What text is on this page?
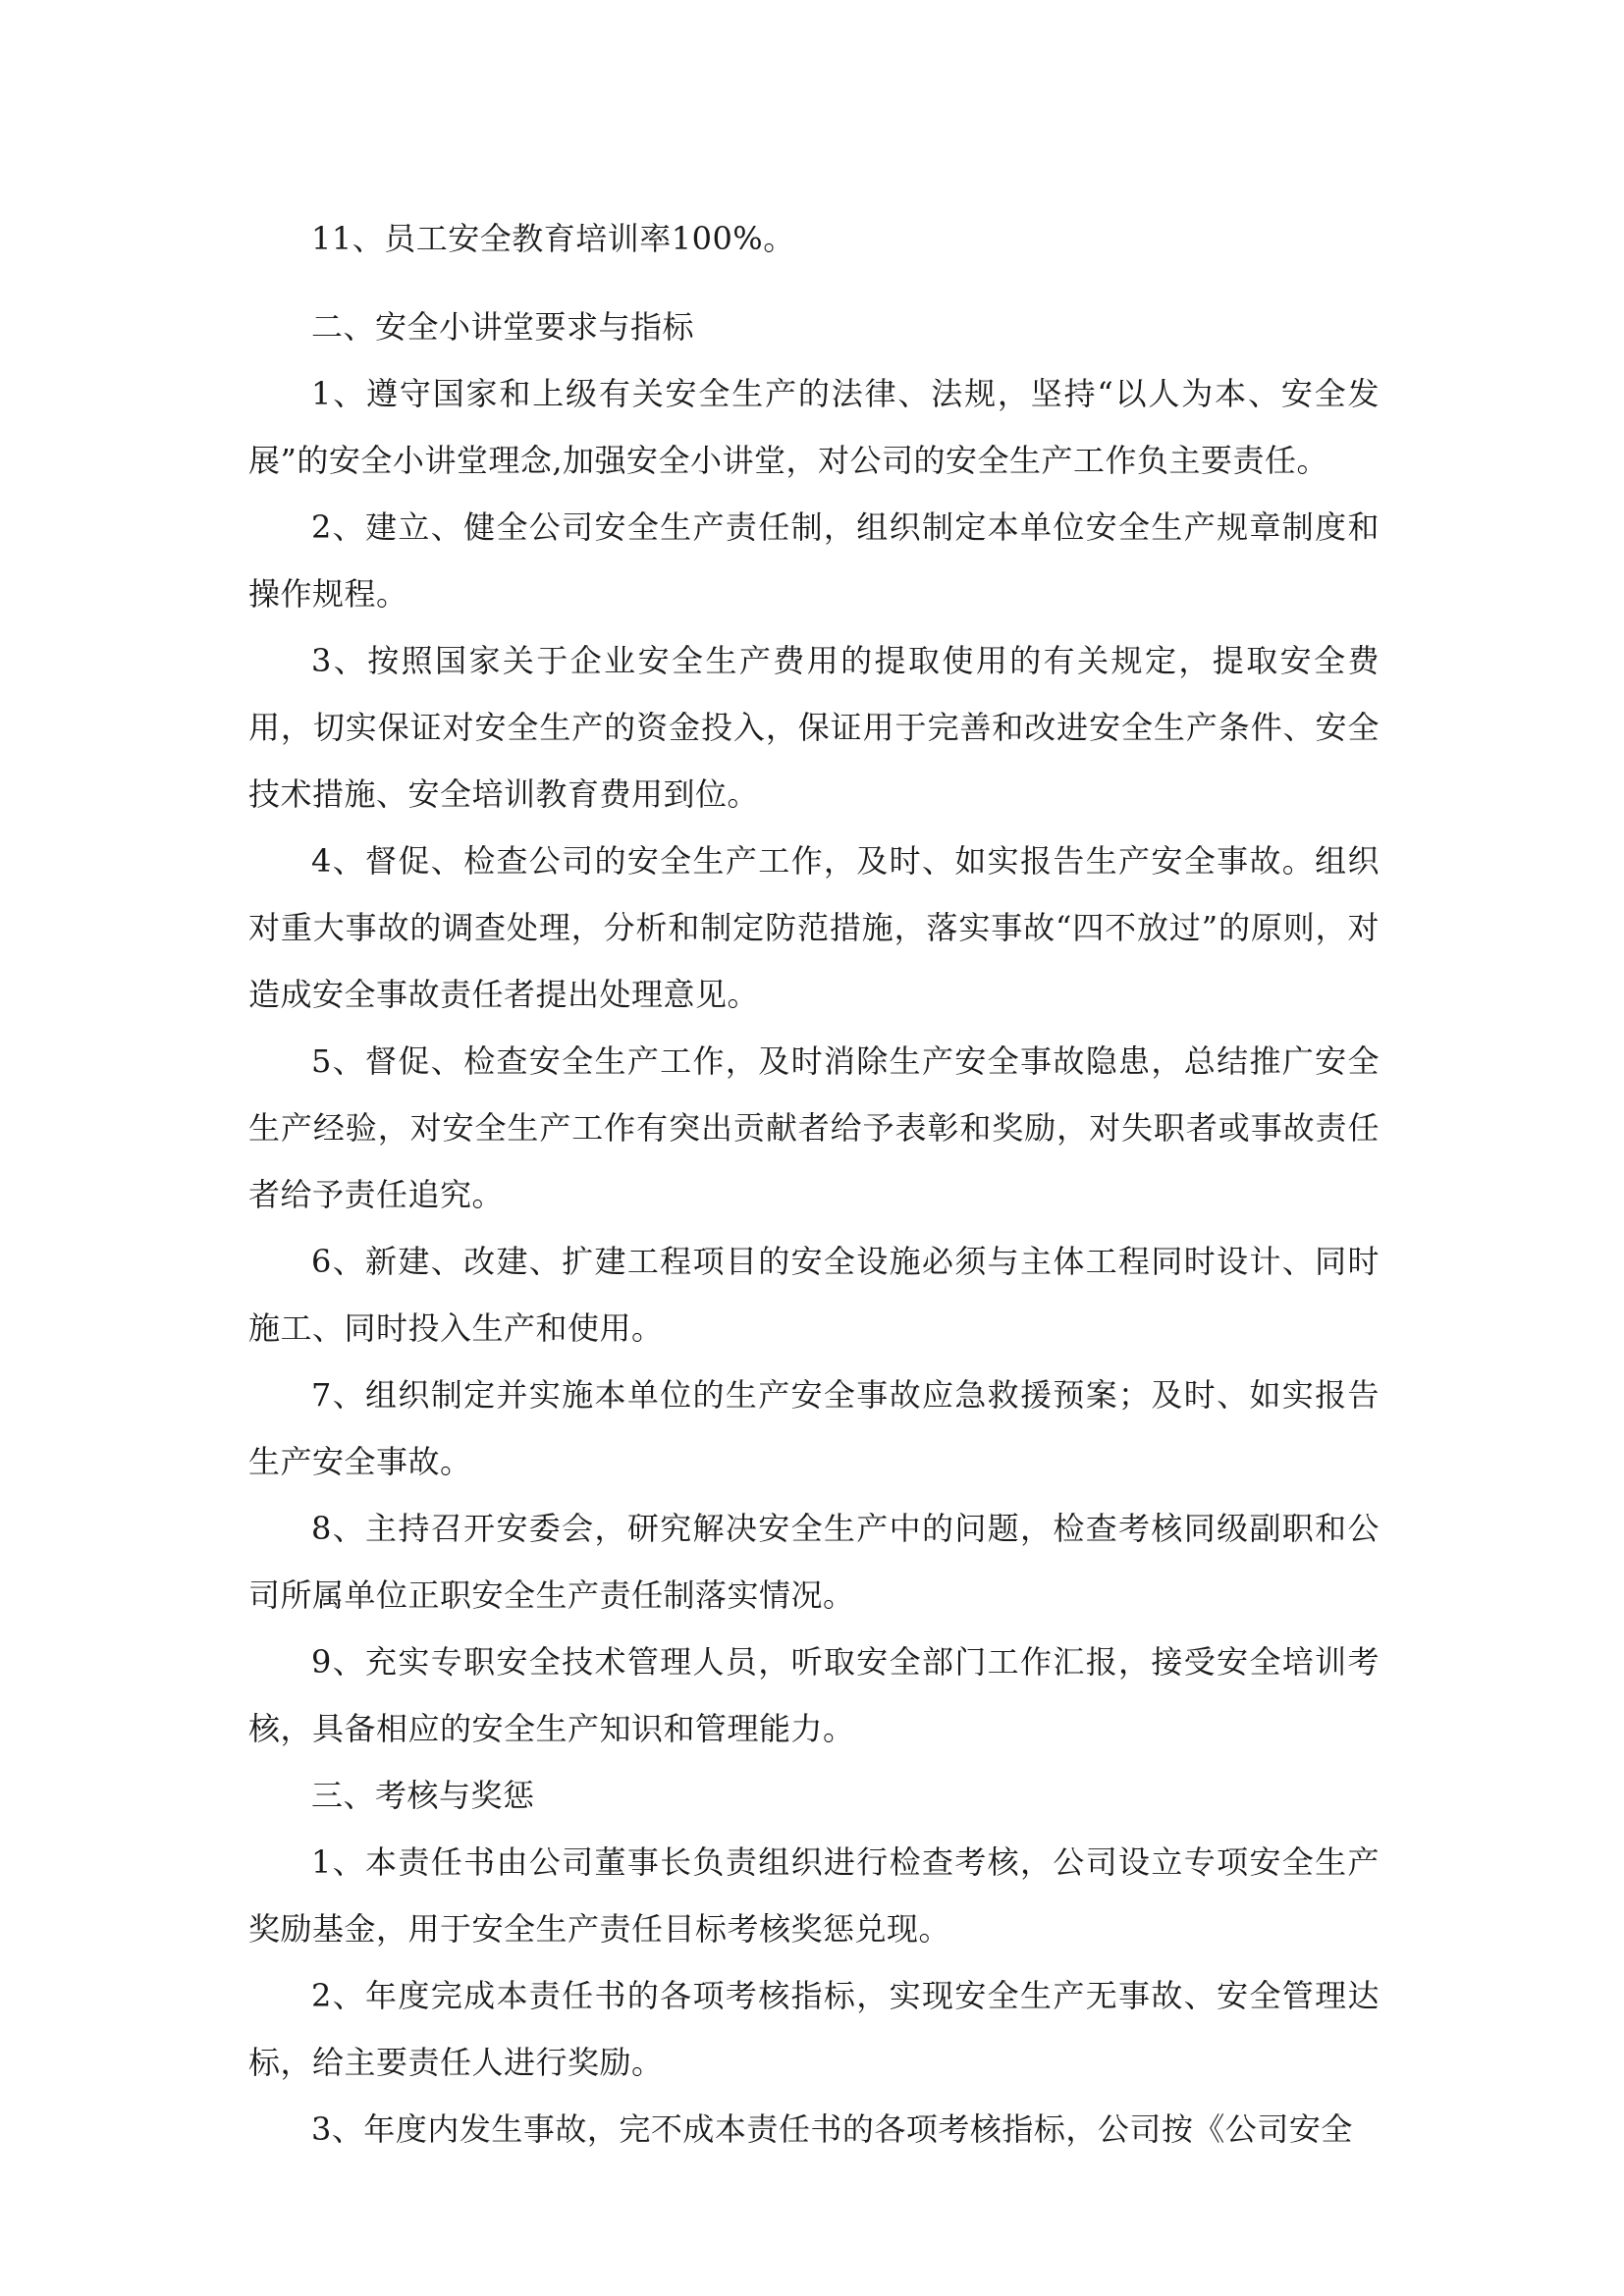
11、员工安全教育培训率100%。

二、安全小讲堂要求与指标

1、遵守国家和上级有关安全生产的法律、法规，坚持“以人为本、安全发展”的安全小讲堂理念,加强安全小讲堂，对公司的安全生产工作负主要责任。

2、建立、健全公司安全生产责任制，组织制定本单位安全生产规章制度和操作规程。

3、按照国家关于企业安全生产费用的提取使用的有关规定，提取安全费用，切实保证对安全生产的资金投入，保证用于完善和改进安全生产条件、安全技术措施、安全培训教育费用到位。

4、督促、检查公司的安全生产工作，及时、如实报告生产安全事故。组织对重大事故的调查处理，分析和制定防范措施，落实事故“四不放过”的原则，对造成安全事故责任者提出处理意见。

5、督促、检查安全生产工作，及时消除生产安全事故隐患，总结推广安全生产经验，对安全生产工作有突出贡献者给予表彰和奖励，对失职者或事故责任者给予责任追究。

6、新建、改建、扩建工程项目的安全设施必须与主体工程同时设计、同时施工、同时投入生产和使用。

7、组织制定并实施本单位的生产安全事故应急救援预案；及时、如实报告生产安全事故。

8、主持召开安委会，研究解决安全生产中的问题，检查考核同级副职和公司所属单位正职安全生产责任制落实情况。

9、充实专职安全技术管理人员，听取安全部门工作汇报，接受安全培训考核，具备相应的安全生产知识和管理能力。

三、考核与奖惩

1、本责任书由公司董事长负责组织进行检查考核，公司设立专项安全生产奖励基金，用于安全生产责任目标考核奖惩兑现。

2、年度完成本责任书的各项考核指标，实现安全生产无事故、安全管理达标，给主要责任人进行奖励。

3、年度内发生事故，完不成本责任书的各项考核指标，公司按《公司安全
